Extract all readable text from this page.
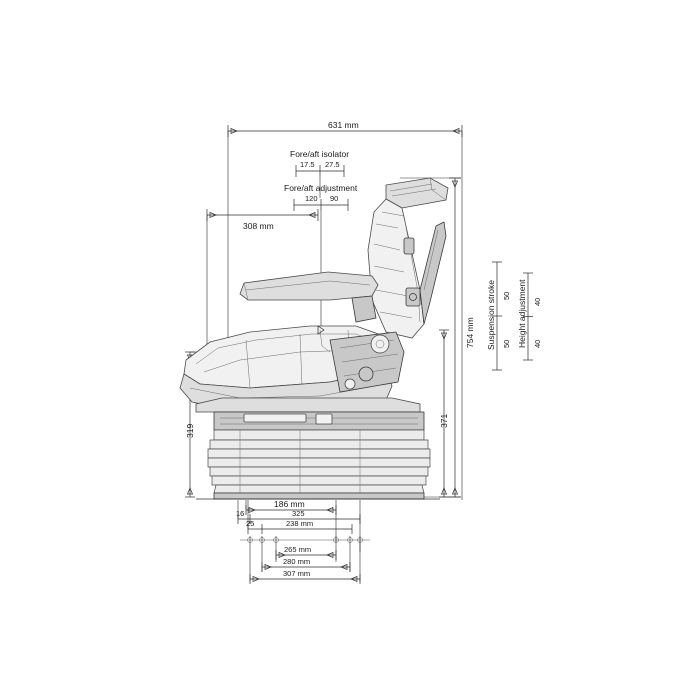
631 mm
Fore/aft isolator
17.5 27.5
Fore/aft adjustment
120 90
308 mm
754 mm Suspension stroke 50
50 Height adjustment 40
40
319
371
186 mm
16	325
25	238 mm
265 mm
280 mm
307 mm
